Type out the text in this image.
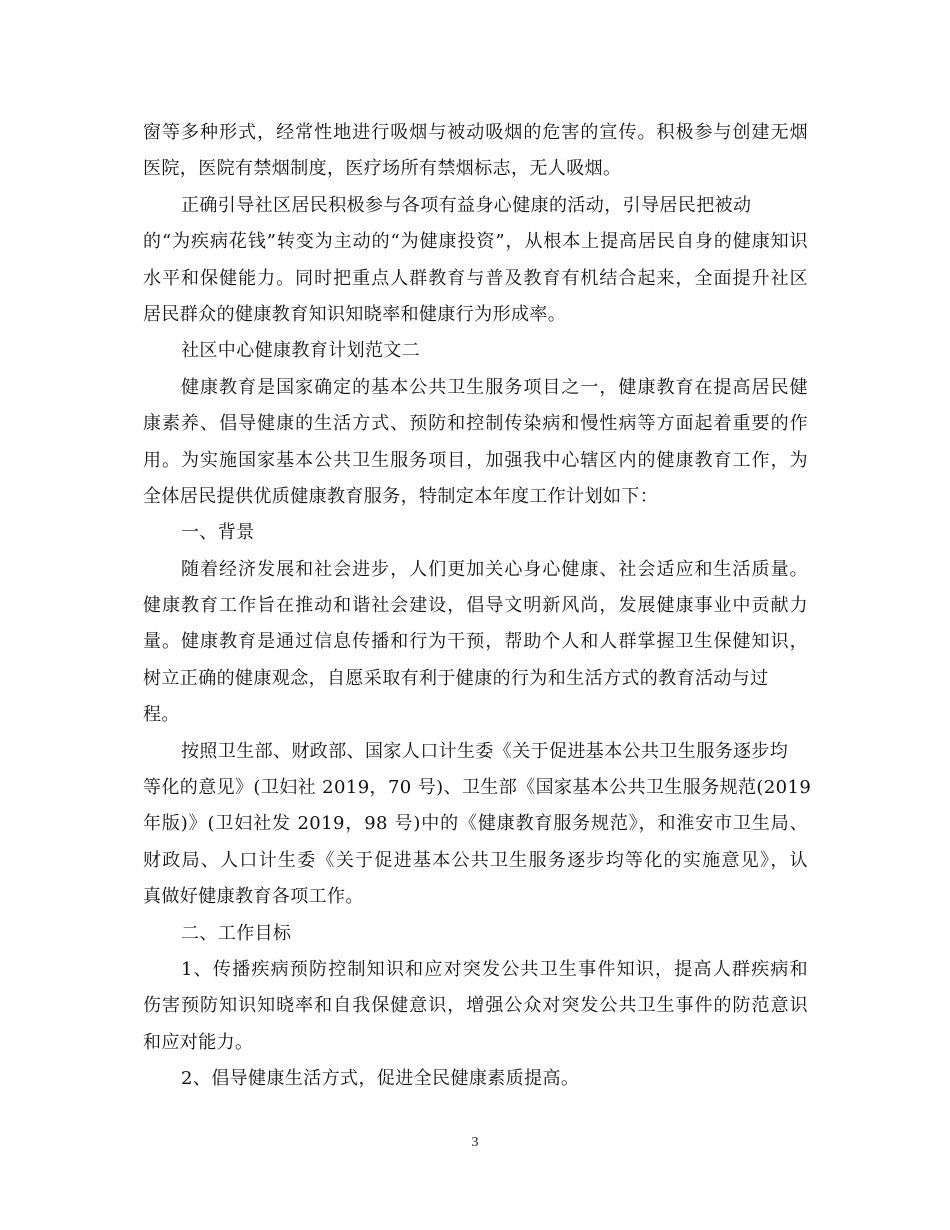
窗等多种形式，经常性地进行吸烟与被动吸烟的危害的宣传。积极参与创建无烟
医院，医院有禁烟制度，医疗场所有禁烟标志，无人吸烟。
正确引导社区居民积极参与各项有益身心健康的活动，引导居民把被动
的“为疾病花钱”转变为主动的“为健康投资”，从根本上提高居民自身的健康知识
水平和保健能力。同时把重点人群教育与普及教育有机结合起来，全面提升社区
居民群众的健康教育知识知晓率和健康行为形成率。
社区中心健康教育计划范文二
健康教育是国家确定的基本公共卫生服务项目之一，健康教育在提高居民健
康素养、倡导健康的生活方式、预防和控制传染病和慢性病等方面起着重要的作
用。为实施国家基本公共卫生服务项目，加强我中心辖区内的健康教育工作，为
全体居民提供优质健康教育服务，特制定本年度工作计划如下：
一、背景
随着经济发展和社会进步，人们更加关心身心健康、社会适应和生活质量。
健康教育工作旨在推动和谐社会建设，倡导文明新风尚，发展健康事业中贡献力
量。健康教育是通过信息传播和行为干预，帮助个人和人群掌握卫生保健知识，
树立正确的健康观念，自愿采取有利于健康的行为和生活方式的教育活动与过
程。
按照卫生部、财政部、国家人口计生委《关于促进基本公共卫生服务逐步均
等化的意见》(卫妇社 2019，70 号)、卫生部《国家基本公共卫生服务规范(2019
年版)》(卫妇社发 2019，98 号)中的《健康教育服务规范》，和淮安市卫生局、
财政局、人口计生委《关于促进基本公共卫生服务逐步均等化的实施意见》，认
真做好健康教育各项工作。
二、工作目标
1、传播疾病预防控制知识和应对突发公共卫生事件知识，提高人群疾病和
伤害预防知识知晓率和自我保健意识，增强公众对突发公共卫生事件的防范意识
和应对能力。
2、倡导健康生活方式，促进全民健康素质提高。
3
